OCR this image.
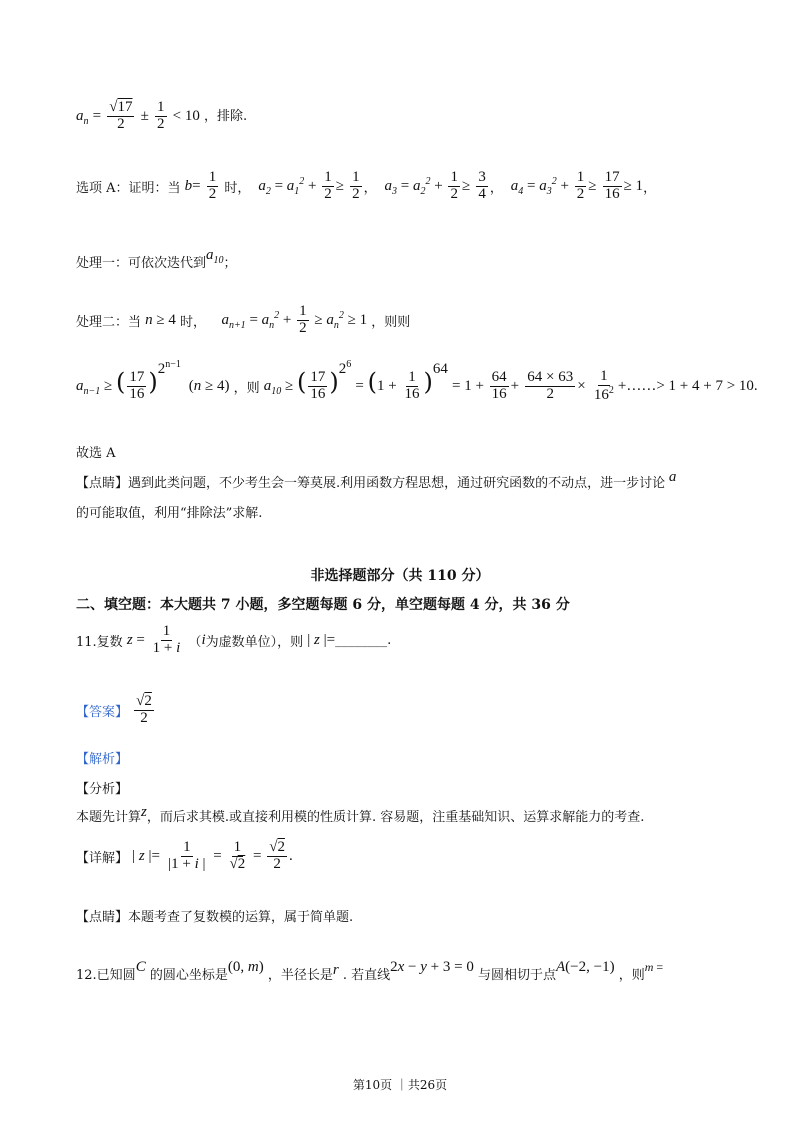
$a_n = \frac{√17}{2} \pm \frac{1}{2} < 10$ ，排除.
选项 A：证明：当 $b= \frac{1}{2}$ 时，  $a_2 = a_1^2 + \frac{1}{2} \ge \frac{1}{2}$ ，  $a_3 = a_2^2 + \frac{1}{2} \ge \frac{3}{4}$ ，  $a_4 = a_3^2 + \frac{1}{2} \ge \frac{17}{16} \ge 1$，
处理一：可依次迭代到$a_{10}$；
处理二：当 n ≥ 4 时，    $a_{n+1} = a_n^2 + \frac{1}{2} \ge a_n^2 \ge 1$ ，则则
$a_{n-1}$ ≥ ( $\frac{17}{16} )^{2^{n-1}}$  (n ≥ 4) ，则 $a_{10}$ ≥ ( $\frac{17}{16} )^{2^6} = (1 + \frac{1}{16} )^{64} = 1 + \frac{64}{16} + \frac{64 \times 63}{2} \times \frac{1}{16^2}$ +……> 1 + 4 + 7 > 10.
故选 A
【点睛】遇到此类问题，不少考生会一筹莫展.利用函数方程思想，通过研究函数的不动点，进一步讨论 a
的可能取值，利用“排除法”求解.
非选择题部分（共 110 分）
二、填空题：本大题共 7 小题，多空题每题 6 分，单空题每题 4 分，共 36 分
11.复数 $z = \frac{1}{1 + i} (i$为虚数单位），则 | z |=________.
【答案】 $\frac{√2}{2}$
【解析】
【分析】
本题先计算z，而后求其模.或直接利用模的性质计算. 容易题，注重基础知识、运算求解能力的考查.
【详解】 | z |= $\frac{1}{|1 + i |} = \frac{1}{√2} = \frac{√2}{2}$ .
【点睛】本题考查了复数模的运算，属于简单题.
12.已知圆C 的圆心坐标是(0, m) ，半径长是r . 若直线2x − y + 3 = 0 与圆相切于点A(−2, −1) ，则m =
第10页 ｜共26页
